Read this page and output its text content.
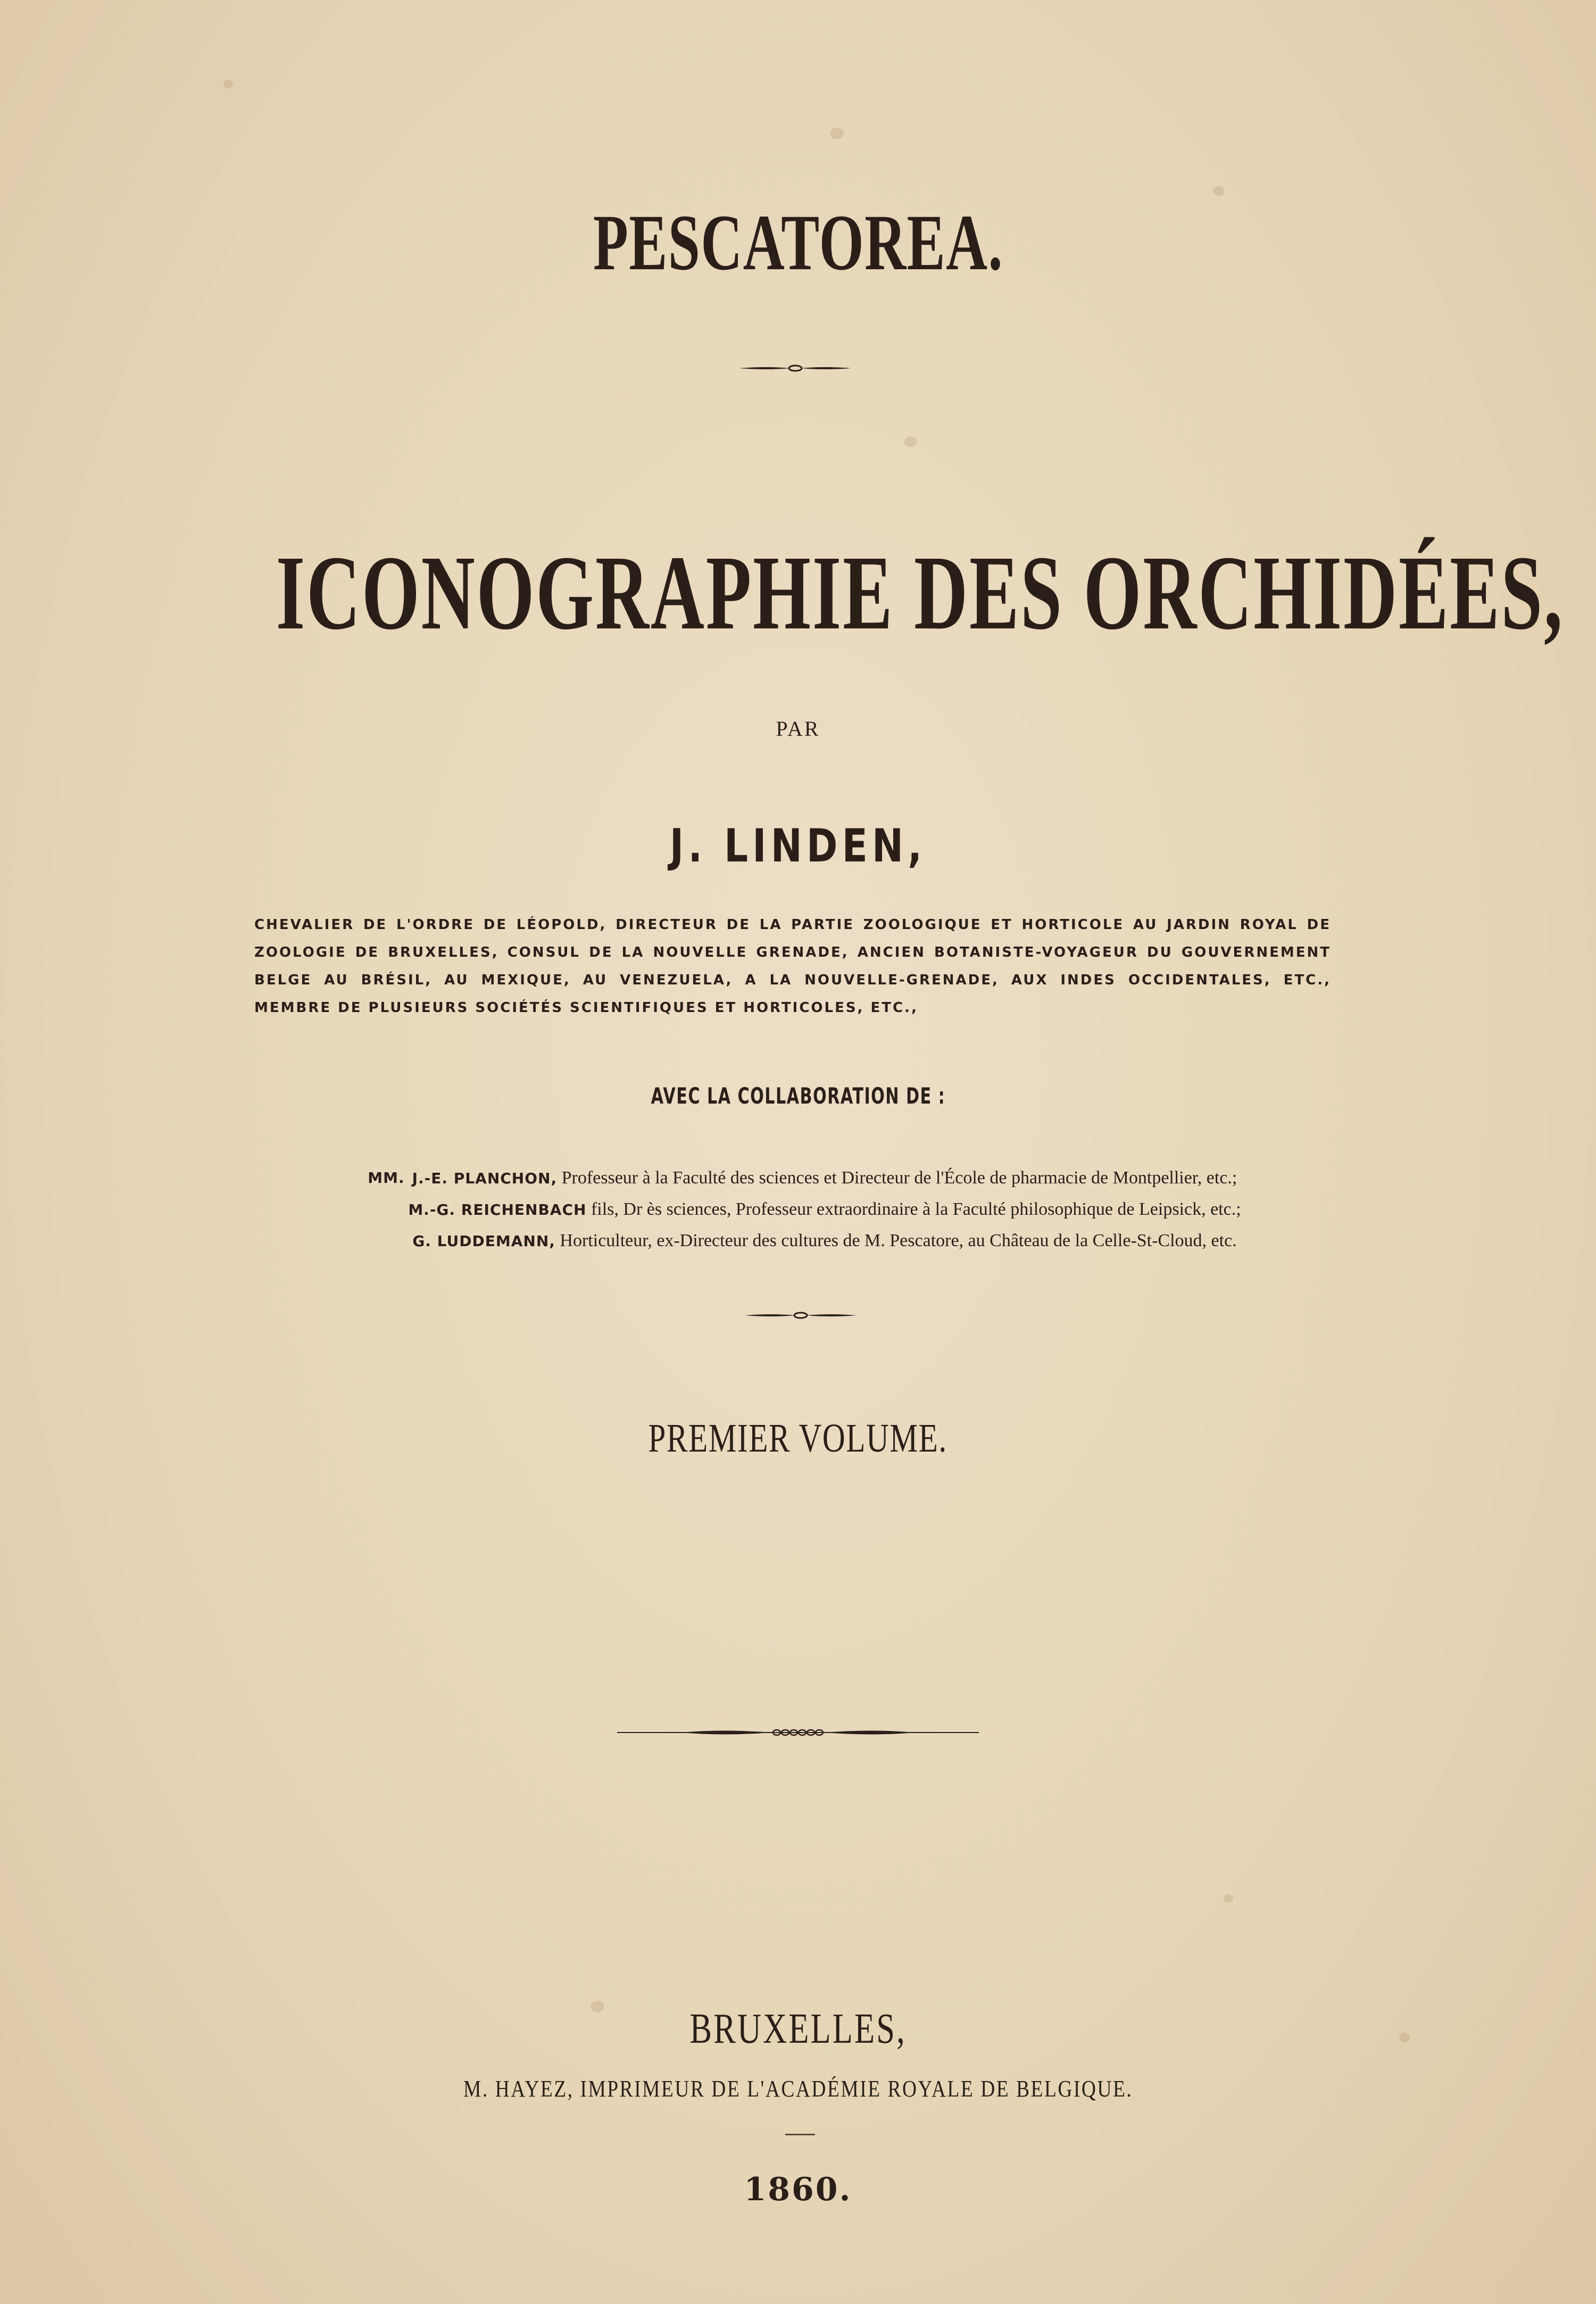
PESCATOREA.
ICONOGRAPHIE DES ORCHIDÉES,

PAR

J. LINDEN,

CHEVALIER DE L'ORDRE DE LÉOPOLD, DIRECTEUR DE LA PARTIE ZOOLOGIQUE ET HORTICOLE AU JARDIN ROYAL DE ZOOLOGIE DE BRUXELLES, CONSUL DE LA NOUVELLE GRENADE, ANCIEN BOTANISTE-VOYAGEUR DU GOUVERNEMENT BELGE AU BRÉSIL, AU MEXIQUE, AU VENEZUELA, A LA NOUVELLE-GRENADE, AUX INDES OCCIDENTALES, ETC., MEMBRE DE PLUSIEURS SOCIÉTÉS SCIENTIFIQUES ET HORTICOLES, ETC.,

AVEC LA COLLABORATION DE :

MM. J.-E. PLANCHON, Professeur à la Faculté des sciences et Directeur de l'École de pharmacie de Montpellier, etc.;
M.-G. REICHENBACH fils, Dr ès sciences, Professeur extraordinaire à la Faculté philosophique de Leipsick, etc.;
G. LUDDEMANN, Horticulteur, ex-Directeur des cultures de M. Pescatore, au Château de la Celle-St-Cloud, etc.

PREMIER VOLUME.

BRUXELLES,

M. HAYEZ, IMPRIMEUR DE L'ACADÉMIE ROYALE DE BELGIQUE.

1860.
